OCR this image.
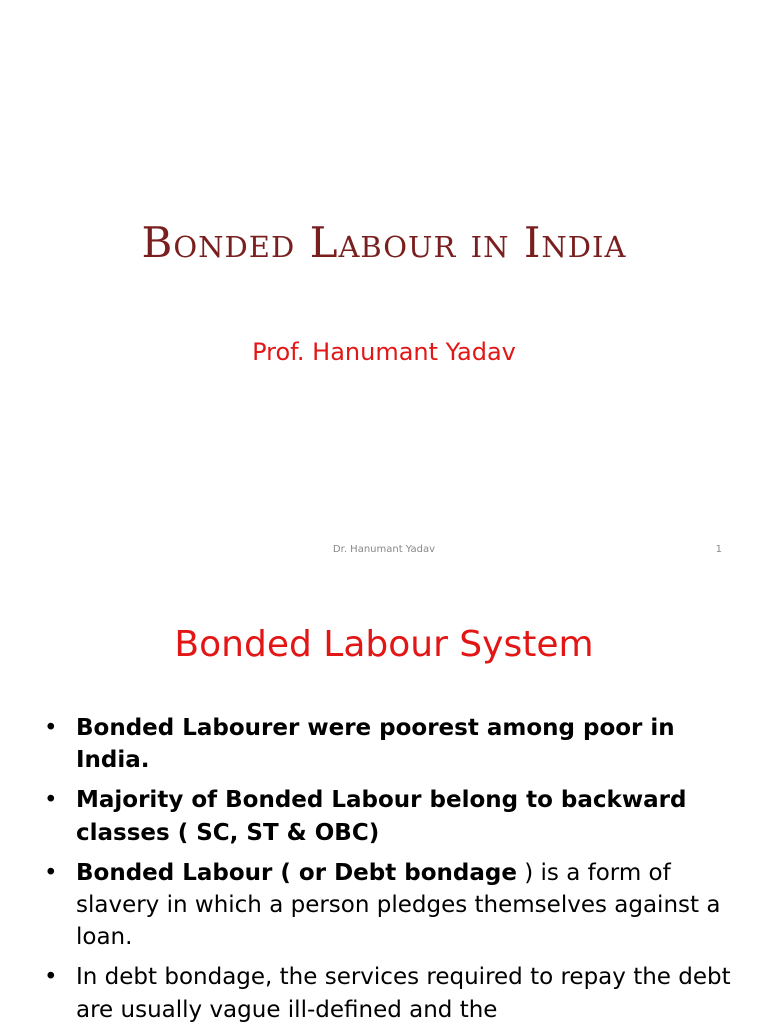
Bonded Labour in India
Prof. Hanumant Yadav
Dr. Hanumant Yadav	1
Bonded Labour System
• Bonded Labourer were poorest among poor in India.
• Majority of Bonded Labour belong to backward classes ( SC, ST & OBC)
• Bonded Labour ( or Debt bondage ) is a form of slavery in which a person pledges themselves against a loan.
• In debt bondage, the services required to repay the debt are usually vague ill-defined and the
